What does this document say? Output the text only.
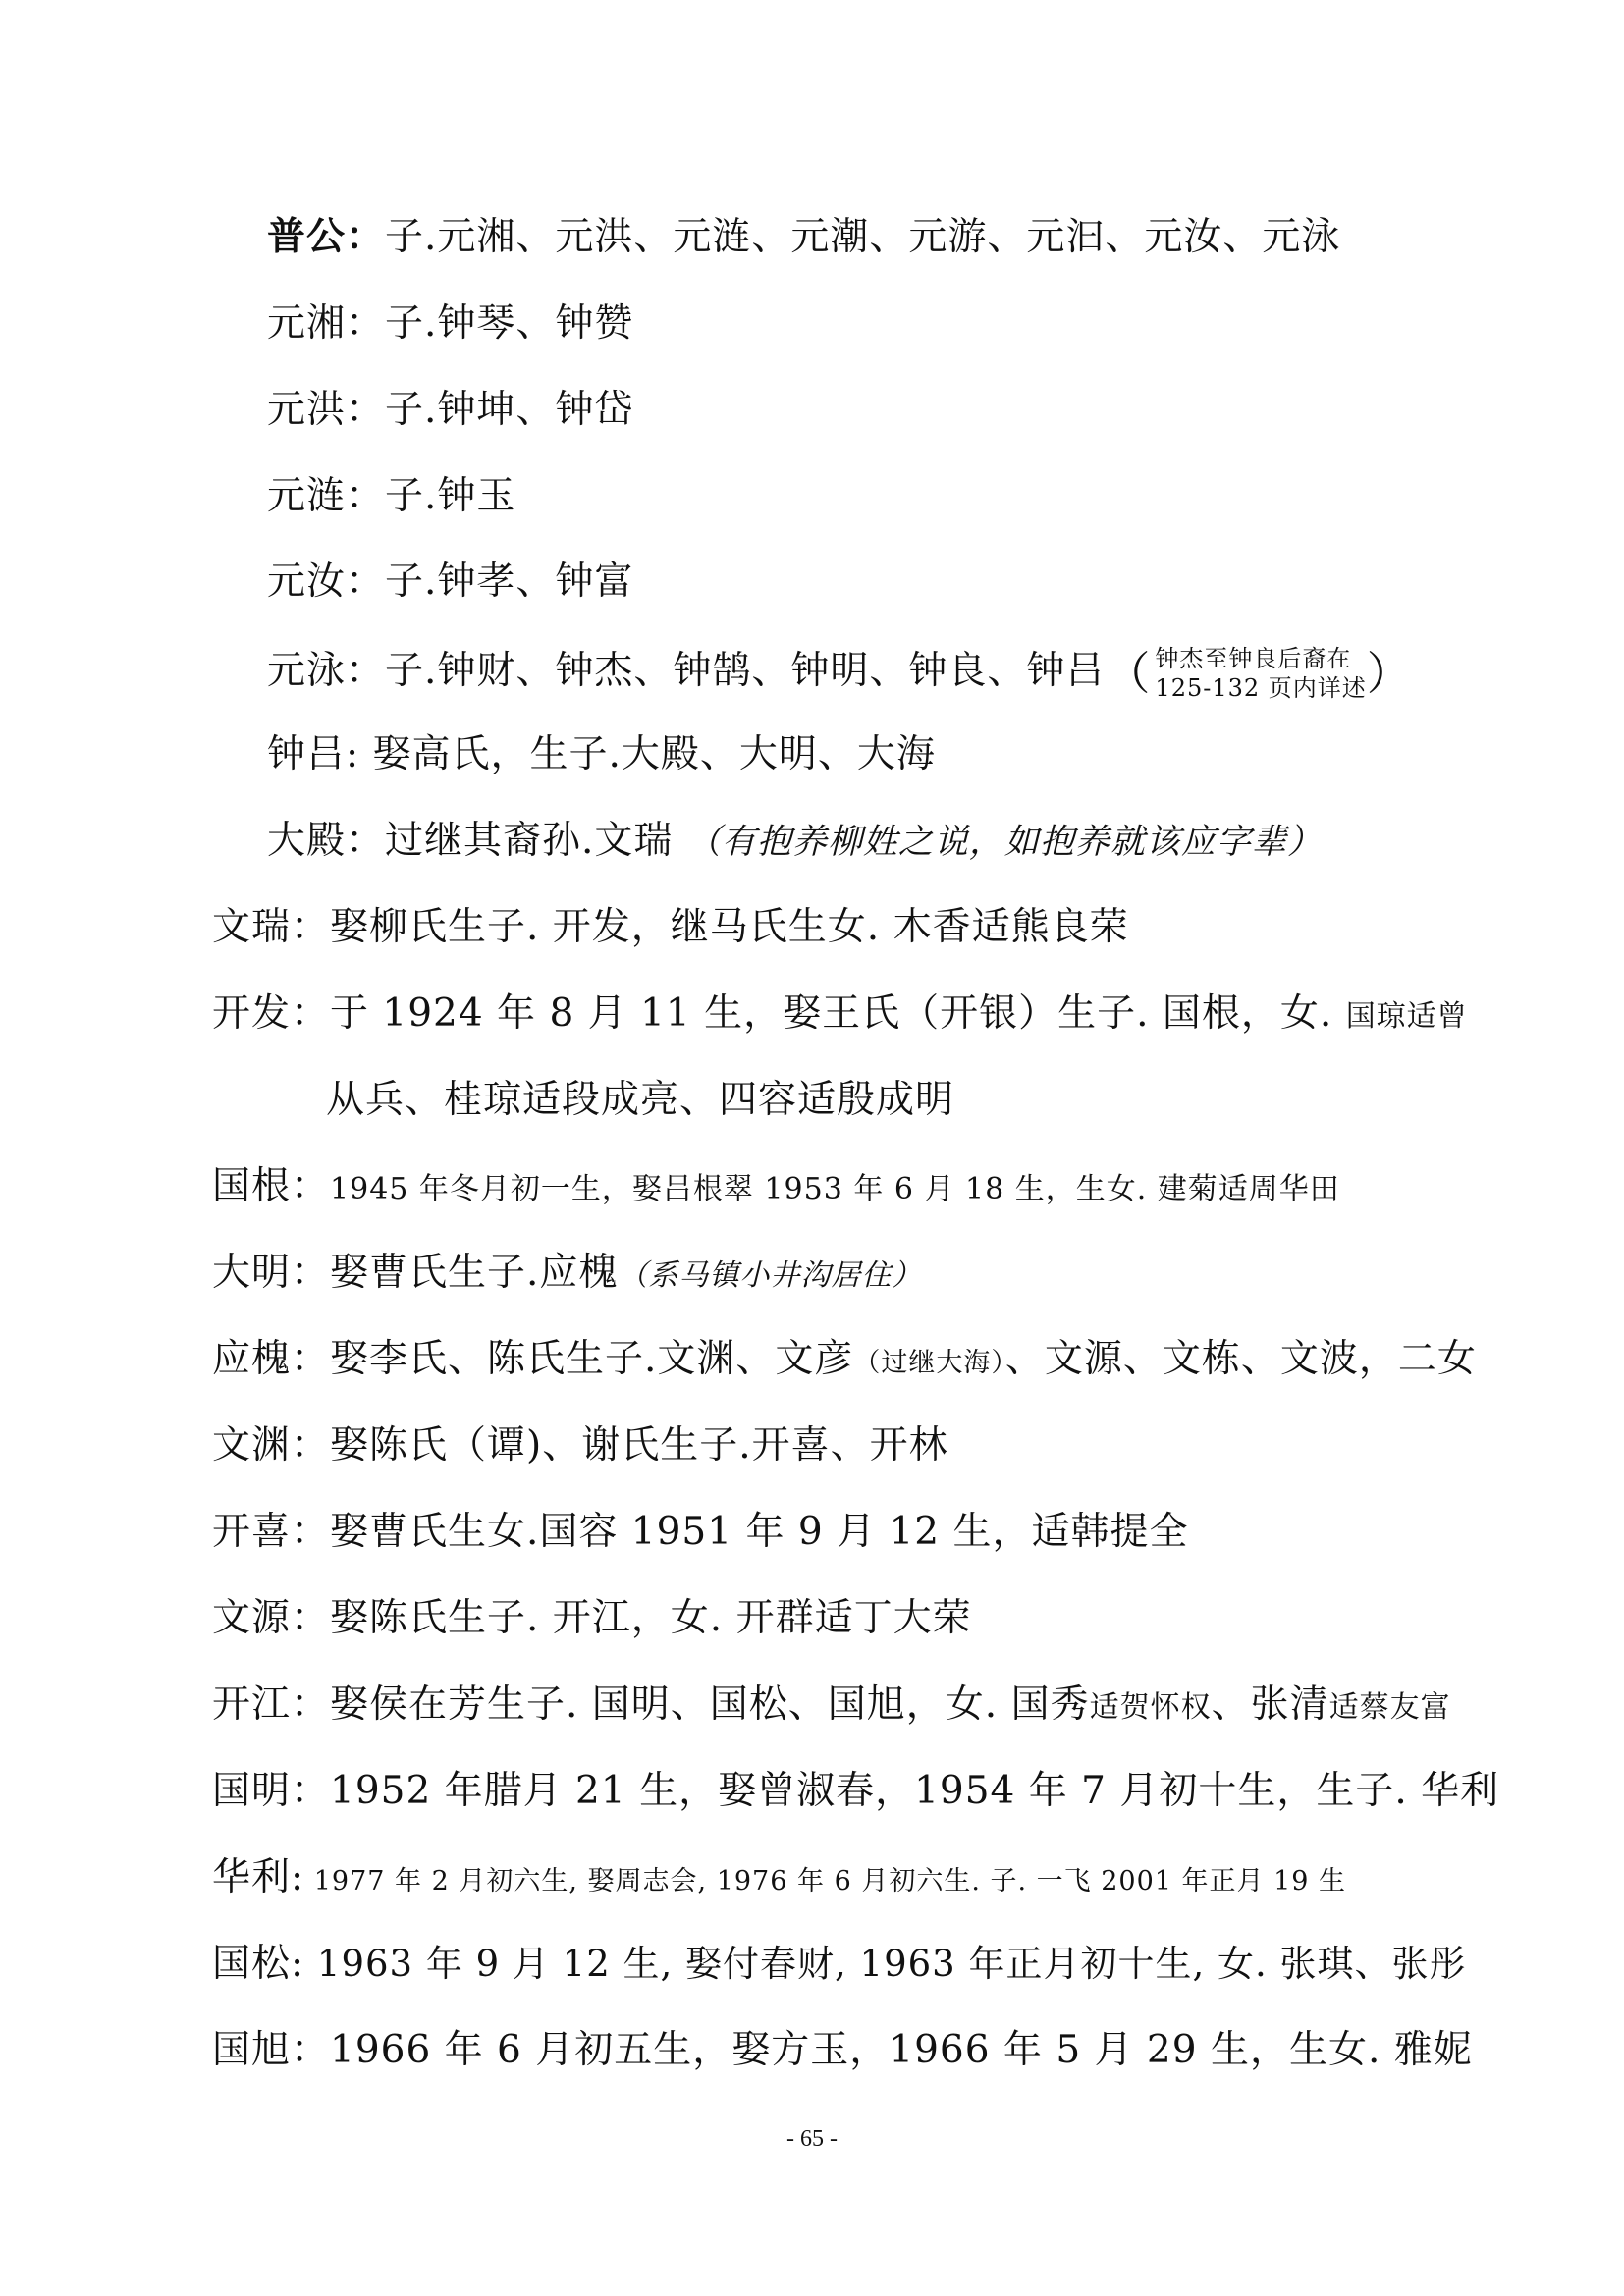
普公：子.元湘、元洪、元涟、元潮、元游、元汩、元汝、元泳
元湘：子.钟琴、钟赞
元洪：子.钟坤、钟岱
元涟：子.钟玉
元汝：子.钟孝、钟富
元泳：子.钟财、钟杰、钟鹄、钟明、钟良、钟吕（ 钟杰至钟良后裔在
125-132 页内详述）
钟吕: 娶高氏，生子.大殿、大明、大海
大殿：过继其裔孙.文瑞 （有抱养柳姓之说，如抱养就该应字辈）
文瑞：娶柳氏生子. 开发，继马氏生女. 木香适熊良荣
开发：于 1924 年 8 月 11 生，娶王氏（开银）生子. 国根，女. 国琼适曾
从兵、桂琼适段成亮、四容适殷成明
国根：1945 年冬月初一生，娶吕根翠 1953 年 6 月 18 生，生女. 建菊适周华田
大明：娶曹氏生子.应槐（系马镇小井沟居住）
应槐：娶李氏、陈氏生子.文渊、文彦（过继大海）、文源、文栋、文波，二女
文渊：娶陈氏（谭)、谢氏生子.开喜、开林
开喜：娶曹氏生女.国容 1951 年 9 月 12 生，适韩提全
文源：娶陈氏生子. 开江，女. 开群适丁大荣
开江：娶侯在芳生子. 国明、国松、国旭，女. 国秀适贺怀权、张清适蔡友富
国明：1952 年腊月 21 生，娶曾淑春，1954 年 7 月初十生，生子. 华利
华利: 1977 年 2 月初六生, 娶周志会, 1976 年 6 月初六生. 子. 一飞 2001 年正月 19 生
国松: 1963 年 9 月 12 生, 娶付春财, 1963 年正月初十生, 女. 张琪、张彤
国旭：1966 年 6 月初五生，娶方玉，1966 年 5 月 29 生，生女. 雅妮
- 65 -
